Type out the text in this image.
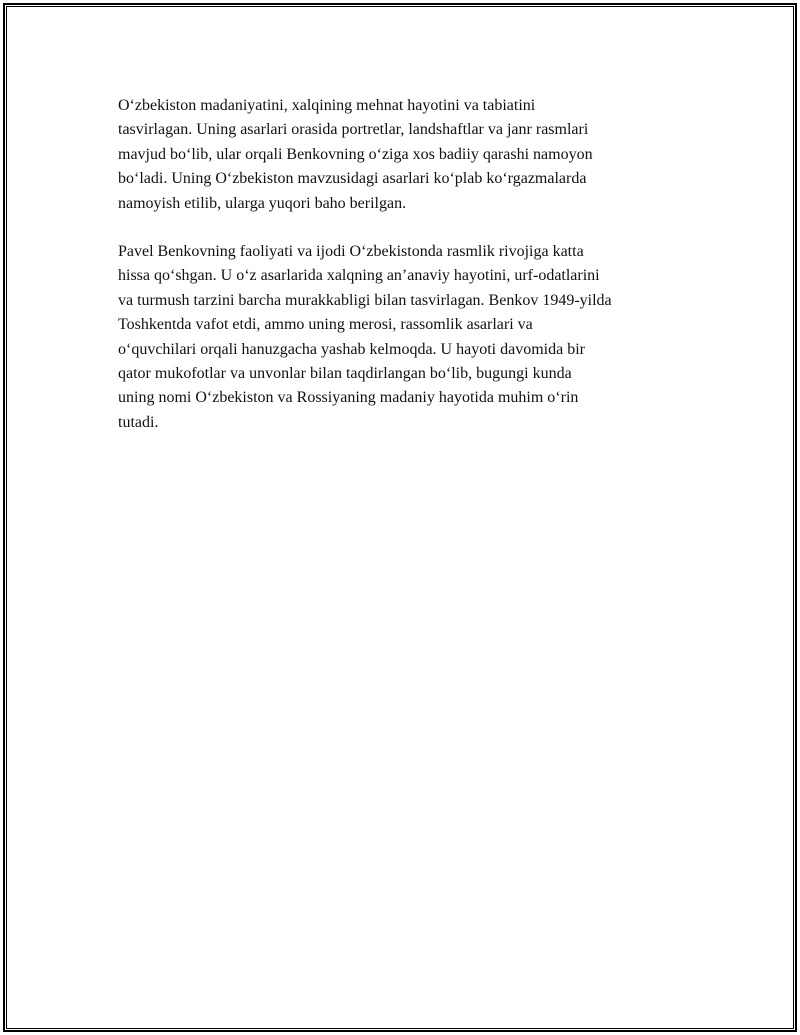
O‘zbekiston madaniyatini, xalqining mehnat hayotini va tabiatini
tasvirlagan. Uning asarlari orasida portretlar, landshaftlar va janr rasmlari
mavjud bo‘lib, ular orqali Benkovning o‘ziga xos badiiy qarashi namoyon
bo‘ladi. Uning O‘zbekiston mavzusidagi asarlari ko‘plab ko‘rgazmalarda
namoyish etilib, ularga yuqori baho berilgan.

Pavel Benkovning faoliyati va ijodi O‘zbekistonda rasmlik rivojiga katta
hissa qo‘shgan. U o‘z asarlarida xalqning an’anaviy hayotini, urf-odatlarini
va turmush tarzini barcha murakkabligi bilan tasvirlagan. Benkov 1949-yilda
Toshkentda vafot etdi, ammo uning merosi, rassomlik asarlari va
o‘quvchilari orqali hanuzgacha yashab kelmoqda. U hayoti davomida bir
qator mukofotlar va unvonlar bilan taqdirlangan bo‘lib, bugungi kunda
uning nomi O‘zbekiston va Rossiyaning madaniy hayotida muhim o‘rin
tutadi.
